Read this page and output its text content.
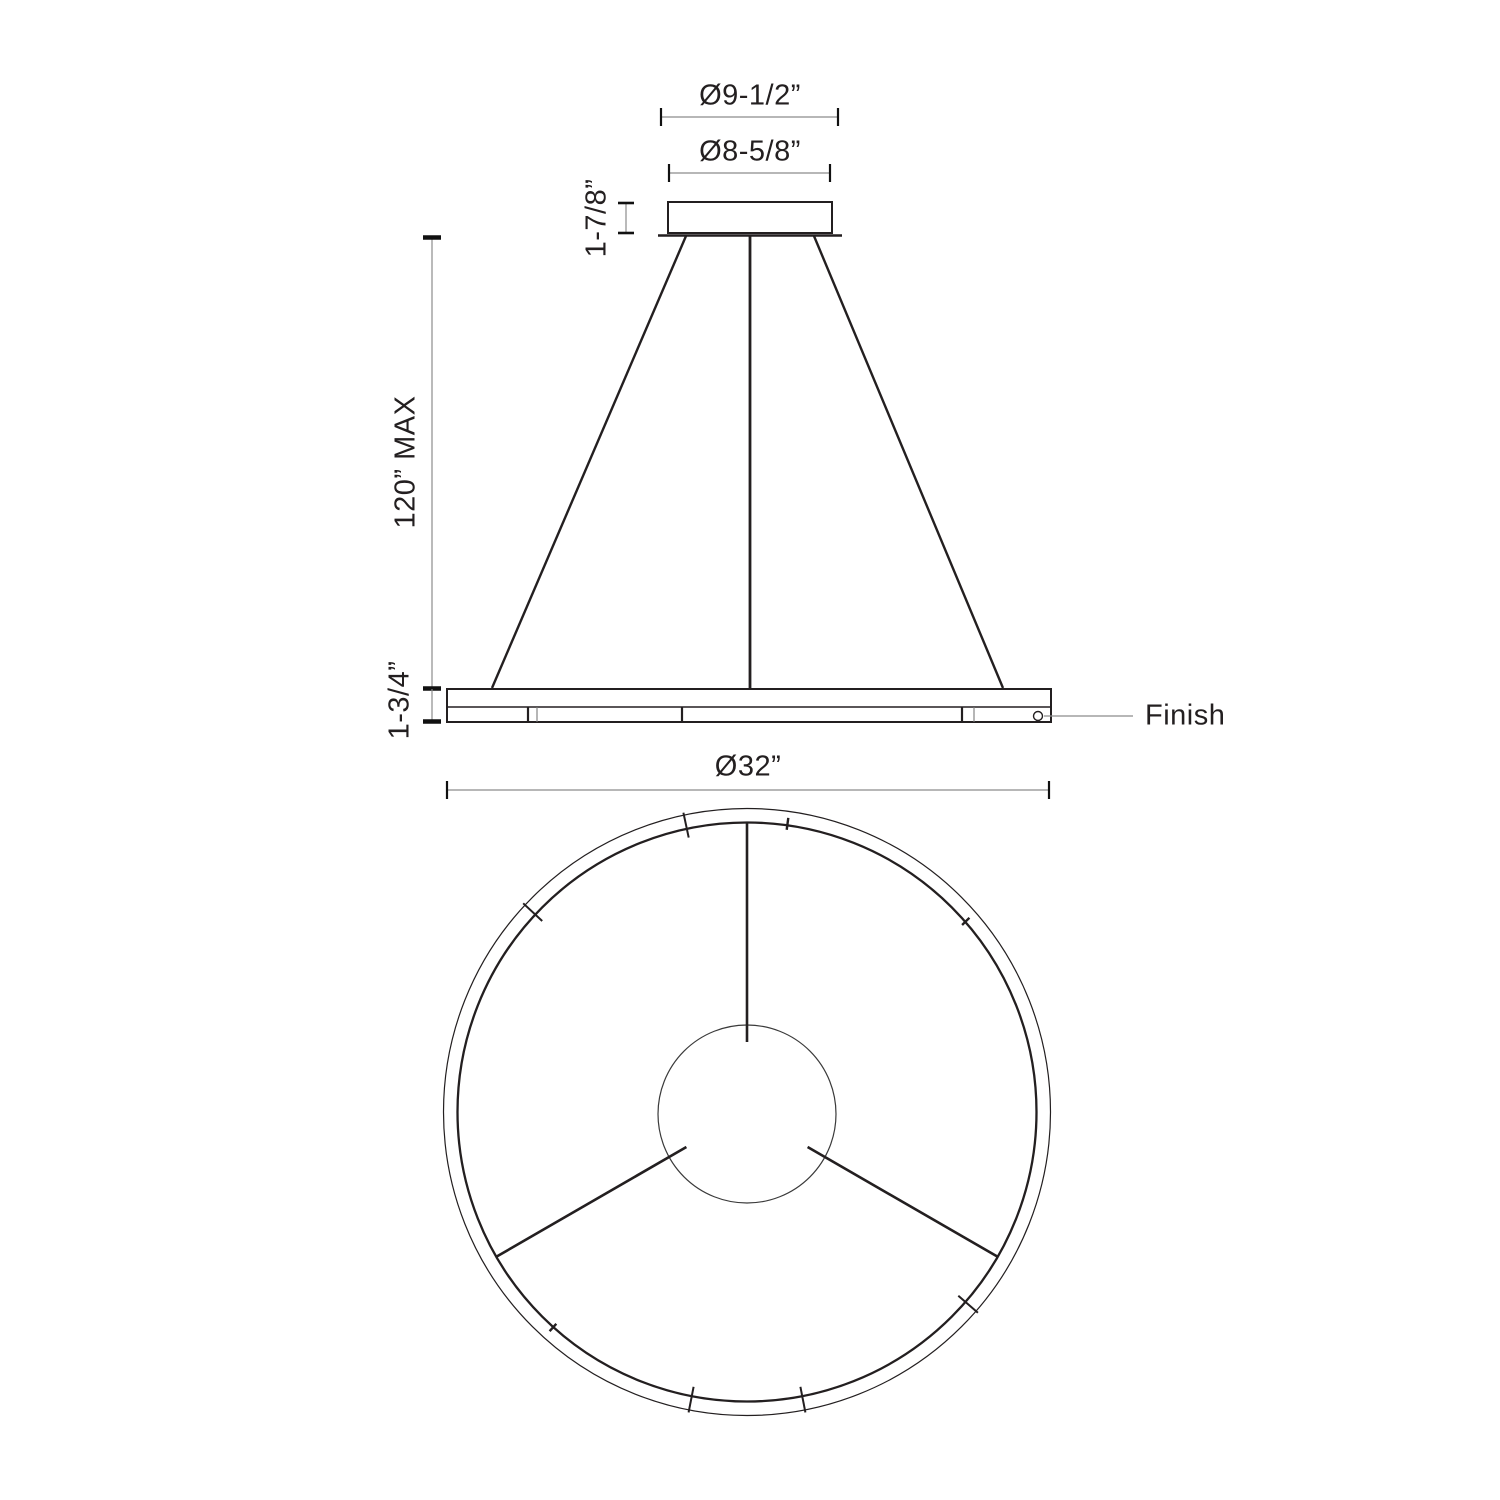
Ø9-1/2”
Ø8-5/8”
1-7/8”
120” MAX
1-3/4”	Finish
Ø32”
